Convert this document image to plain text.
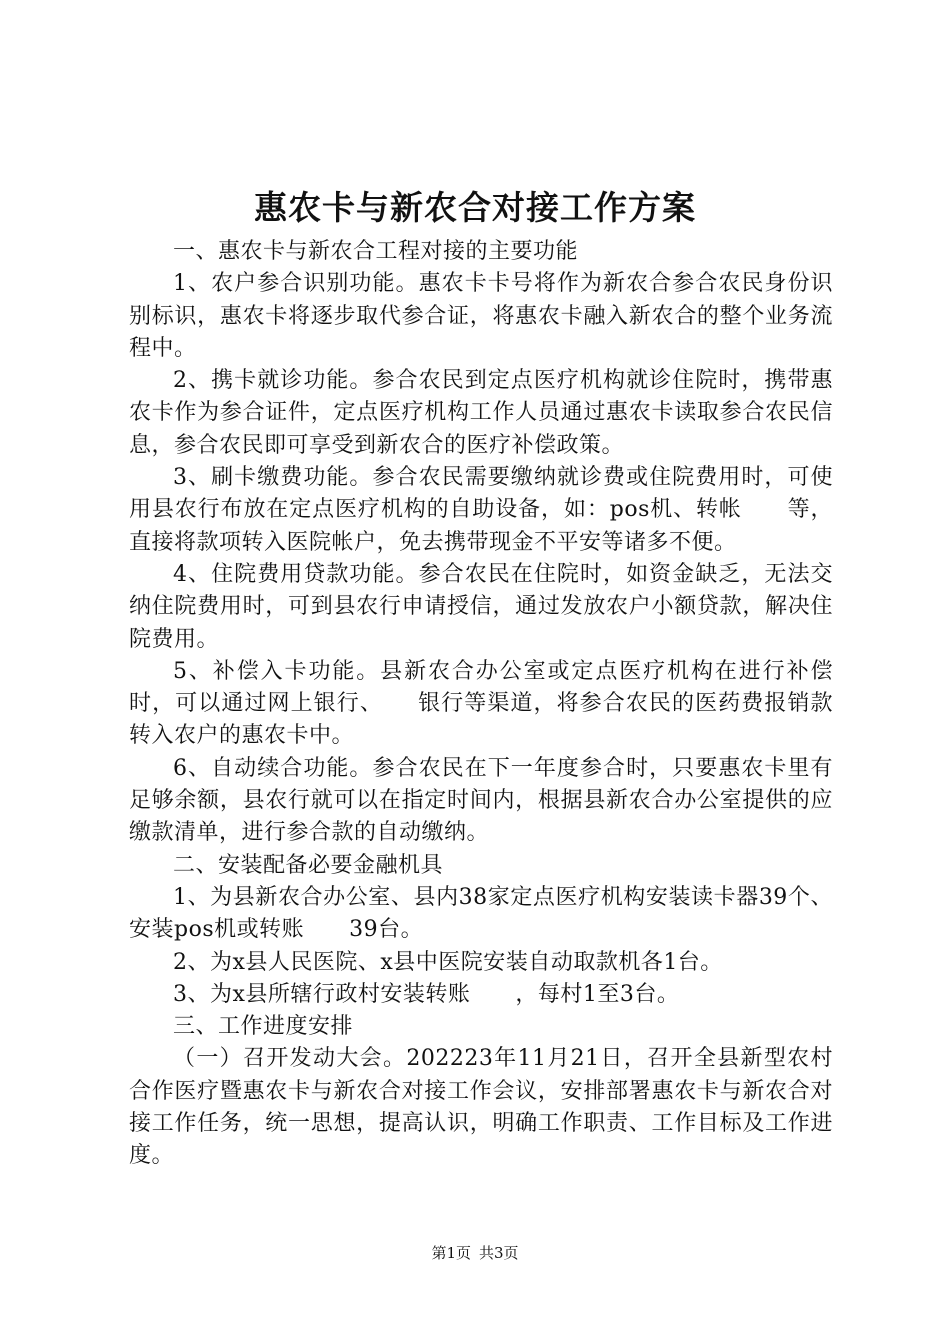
惠农卡与新农合对接工作方案

一、惠农卡与新农合工程对接的主要功能

1、农户参合识别功能。惠农卡卡号将作为新农合参合农民身份识别标识，惠农卡将逐步取代参合证，将惠农卡融入新农合的整个业务流程中。

2、携卡就诊功能。参合农民到定点医疗机构就诊住院时，携带惠农卡作为参合证件，定点医疗机构工作人员通过惠农卡读取参合农民信息，参合农民即可享受到新农合的医疗补偿政策。

3、刷卡缴费功能。参合农民需要缴纳就诊费或住院费用时，可使用县农行布放在定点医疗机构的自助设备，如：pos机、转帐　　等，直接将款项转入医院帐户，免去携带现金不平安等诸多不便。

4、住院费用贷款功能。参合农民在住院时，如资金缺乏，无法交纳住院费用时，可到县农行申请授信，通过发放农户小额贷款，解决住院费用。

5、补偿入卡功能。县新农合办公室或定点医疗机构在进行补偿时，可以通过网上银行、　　银行等渠道，将参合农民的医药费报销款转入农户的惠农卡中。

6、自动续合功能。参合农民在下一年度参合时，只要惠农卡里有足够余额，县农行就可以在指定时间内，根据县新农合办公室提供的应缴款清单，进行参合款的自动缴纳。

二、安装配备必要金融机具

1、为县新农合办公室、县内38家定点医疗机构安装读卡器39个、安装pos机或转账　　39台。

2、为x县人民医院、x县中医院安装自动取款机各1台。

3、为x县所辖行政村安装转账　　，每村1至3台。

三、工作进度安排

（一）召开发动大会。202223年11月21日，召开全县新型农村合作医疗暨惠农卡与新农合对接工作会议，安排部署惠农卡与新农合对接工作任务，统一思想，提高认识，明确工作职责、工作目标及工作进度。

第1页 共3页
